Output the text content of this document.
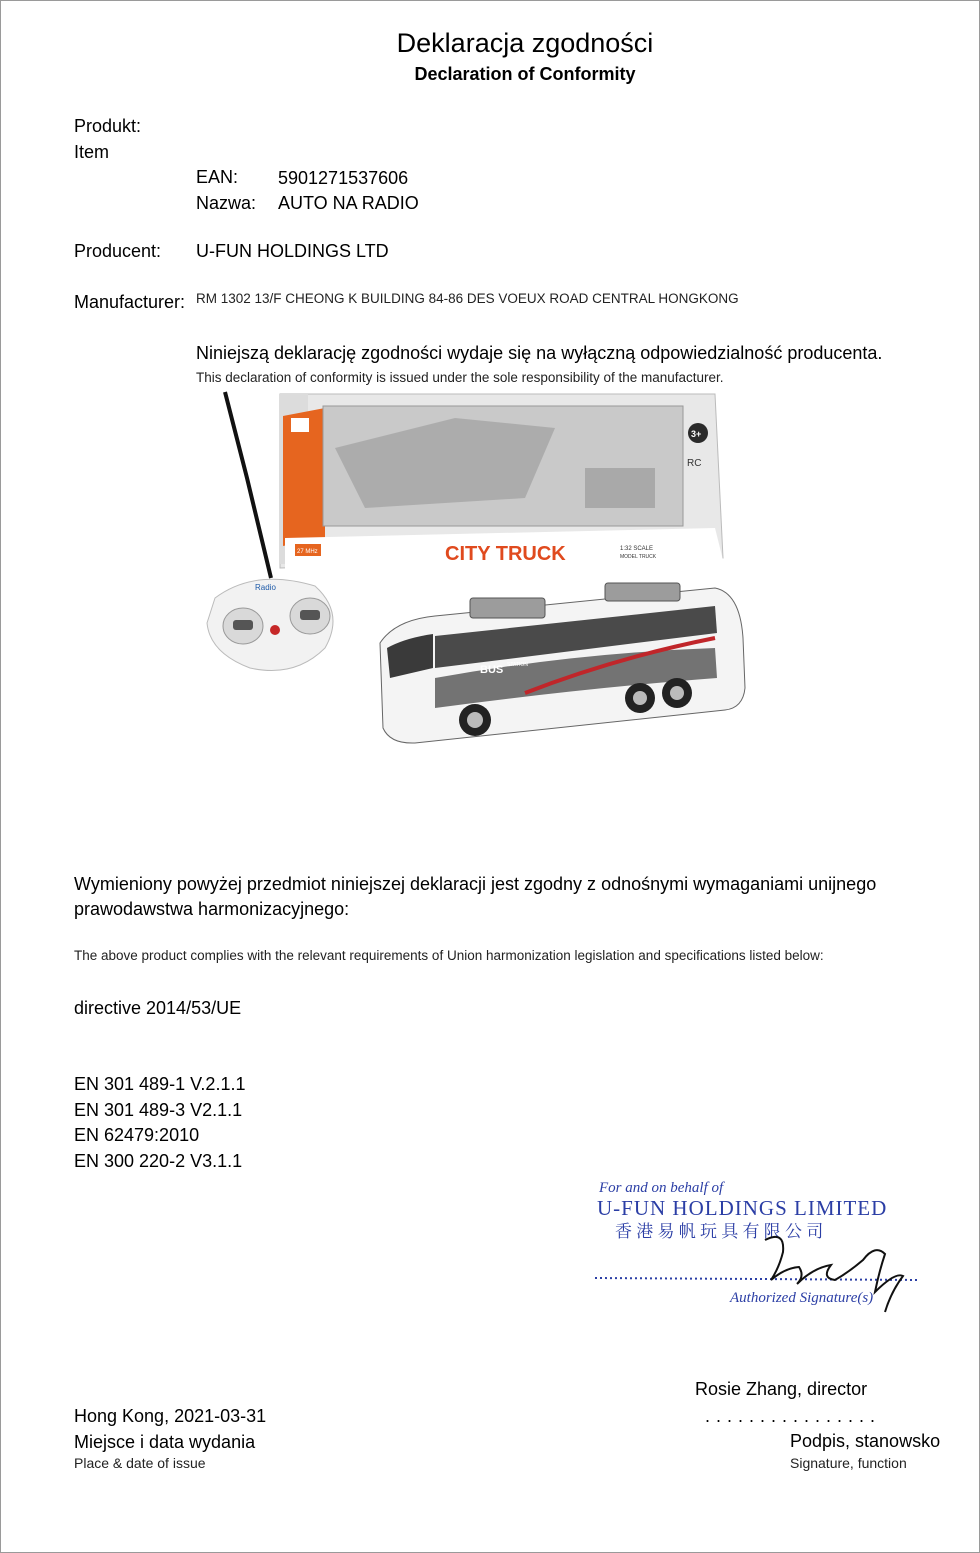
Deklaracja zgodności
Declaration of Conformity
Produkt:
Item
EAN: 5901271537606
Nazwa: AUTO NA RADIO
Producent: U-FUN HOLDINGS LTD
Manufacturer: RM 1302 13/F CHEONG K BUILDING 84-86 DES VOEUX ROAD CENTRAL HONGKONG
Niniejszą deklarację zgodności wydaje się na wyłączną odpowiedzialność producenta.
This declaration of conformity is issued under the sole responsibility of the manufacturer.
CITY TRUCK	1:32 SCALE
MODEL TRUCK
27 MHz
3+
RC
Radio
BUS STATION
Wymieniony powyżej przedmiot niniejszej deklaracji jest zgodny z odnośnymi wymaganiami unijnego
prawodawstwa harmonizacyjnego:
The above product complies with the relevant requirements of Union harmonization legislation and specifications listed below:
directive 2014/53/UE
EN 301 489-1 V.2.1.1
EN 301 489-3 V2.1.1
EN 62479:2010
EN 300 220-2 V3.1.1
For and on behalf of
U-FUN HOLDINGS LIMITED
香 港 易 帆 玩 具 有 限 公 司
Authorized Signature(s)
Rosie Zhang, director
. . . . . . . . . . . . . . . .
Hong Kong, 2021-03-31
Miejsce i data wydania
Place & date of issue
Podpis, stanowsko
Signature, function
